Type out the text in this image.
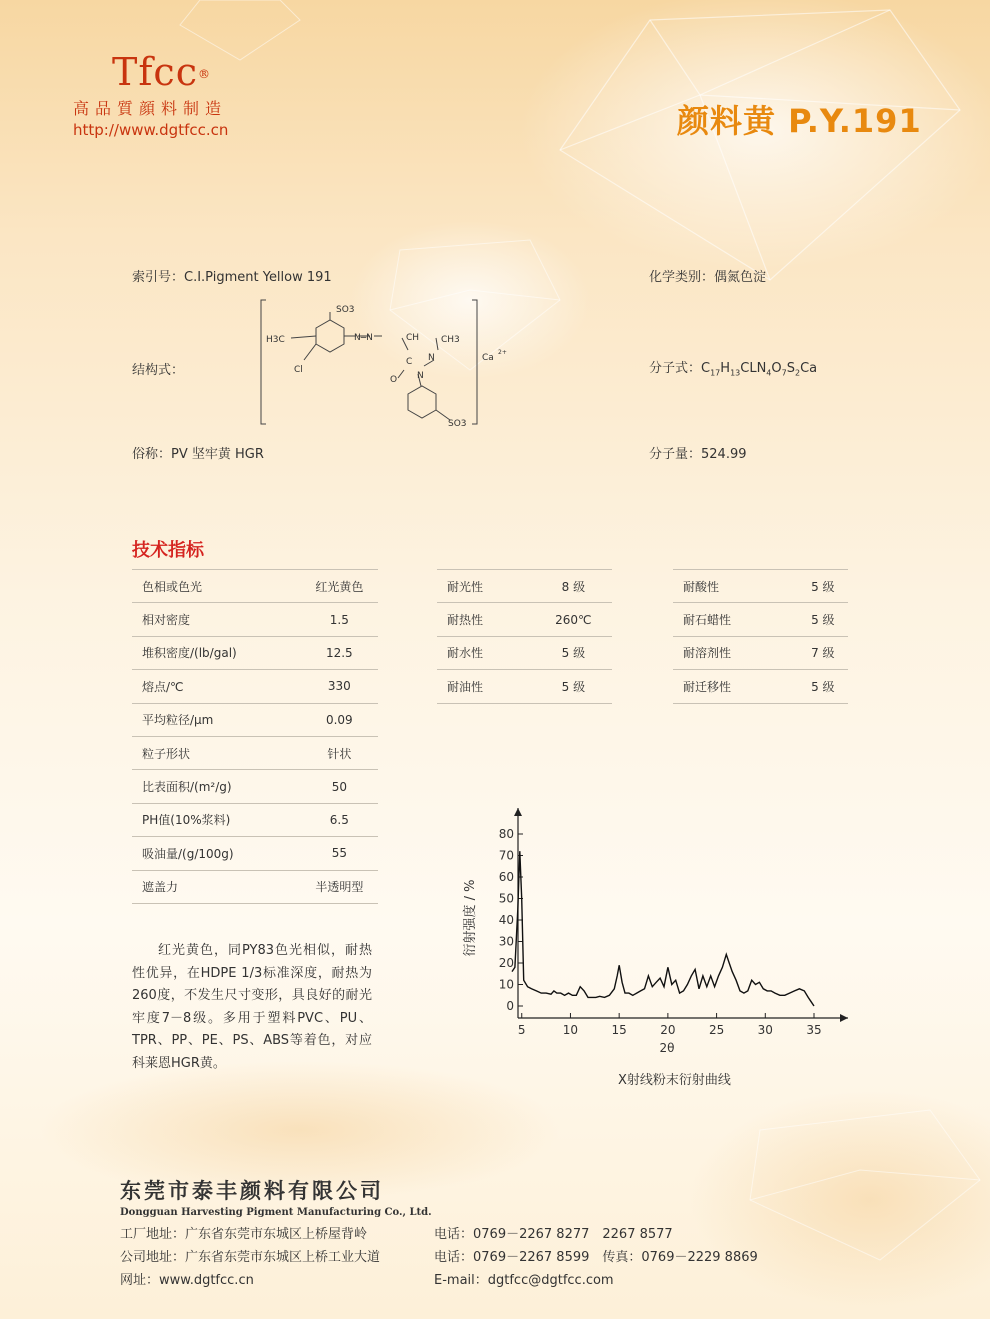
Tfcc®
高品質顔料制造
http://www.dgtfcc.cn	颜料黄 P.Y.191
索引号：C.I.Pigment Yellow 191	化学类别：偶氮色淀
结构式：	分子式：$C_{17}H_{13}CLN_4O_7S_2Ca$
俗称：PV 坚牢黄 HGR	分子量：524.99
SO3
H3C
Cl
N═N	CH CH3
C
O
N
N
SO3
Ca
2+
技术指标
色相或色光	红光黄色
相对密度	1.5
堆积密度/(lb/gal)	12.5
熔点/℃	330
平均粒径/μm	0.09
粒子形状	针状
比表面积/(m²/g)	50
PH值(10%浆料)	6.5
吸油量/(g/100g)	55
遮盖力	半透明型
耐光性	8 级
耐热性	260℃
耐水性	5 级
耐油性	5 级
耐酸性	5 级
耐石蜡性	5 级
耐溶剂性	7 级
耐迁移性	5 级
红光黄色，同PY83色光相似，耐热性优异，在HDPE 1/3标准深度，耐热为260度，不发生尺寸变形，具良好的耐光牢度7－8级。多用于塑料PVC、PU、TPR、PP、PE、PS、ABS等着色，对应科莱恩HGR黄。
0
10
20
30
40
50
60
70
80
5	10	15	20	25	30	35
衍射强度 / %
2θ
X射线粉末衍射曲线
东莞市泰丰颜料有限公司
Dongguan Harvesting Pigment Manufacturing Co., Ltd.
工厂地址：广东省东莞市东城区上桥屋背岭
公司地址：广东省东莞市东城区上桥工业大道
网址：www.dgtfcc.cn
电话：0769－2267 8277　2267 8577
电话：0769－2267 8599　传真：0769－2229 8869
E-mail：dgtfcc@dgtfcc.com
